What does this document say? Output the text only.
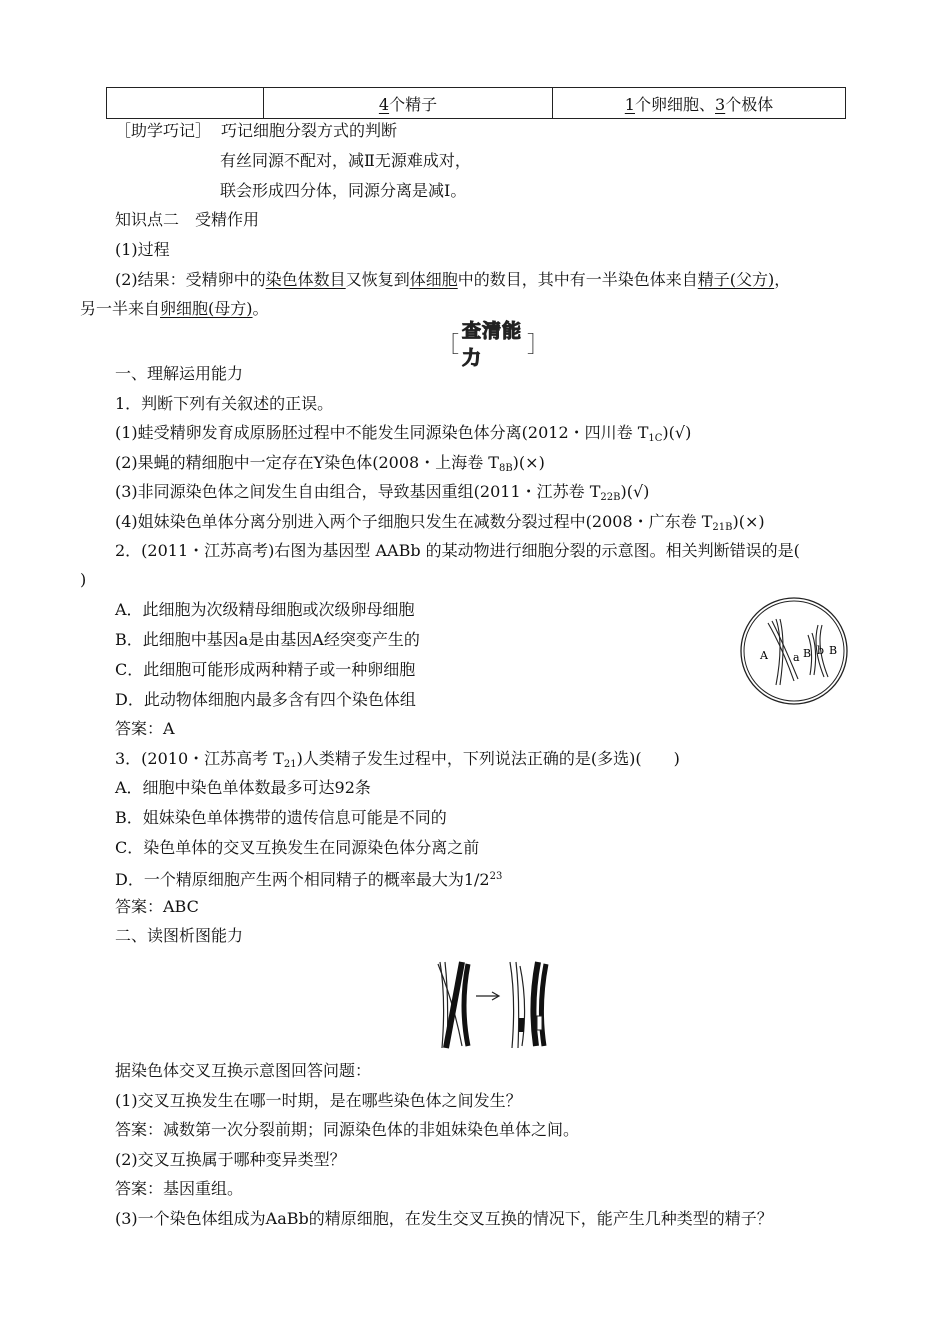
	4个精子	1个卵细胞、3个极体
［助学巧记］ 巧记细胞分裂方式的判断
有丝同源不配对，减Ⅱ无源难成对，
联会形成四分体，同源分离是减Ⅰ。
知识点二　受精作用
(1)过程
(2)结果：受精卵中的染色体数目又恢复到体细胞中的数目，其中有一半染色体来自精子(父方)，
另一半来自卵细胞(母方)。
［
查清能力
］
一、理解运用能力
1．判断下列有关叙述的正误。
(1)蛙受精卵发育成原肠胚过程中不能发生同源染色体分离(2012・四川卷 $T_{1C})(√)$
(2)果蝇的精细胞中一定存在Y染色体(2008・上海卷 $T_{8B})(\times)$
(3)非同源染色体之间发生自由组合，导致基因重组(2011・江苏卷 $T_{22B})(√)$
(4)姐妹染色单体分离分别进入两个子细胞只发生在减数分裂过程中(2008・广东卷 $T_{21B})(\times)$
2．(2011・江苏高考)右图为基因型 AABb 的某动物进行细胞分裂的示意图。相关判断错误的是(
)
A．此细胞为次级精母细胞或次级卵母细胞
B．此细胞中基因a是由基因A经突变产生的
C．此细胞可能形成两种精子或一种卵细胞
D．此动物体细胞内最多含有四个染色体组
答案：A
A a B b B
3．(2010・江苏高考 $T_{21}$)人类精子发生过程中，下列说法正确的是(多选)(　　)
A．细胞中染色单体数最多可达92条
B．姐妹染色单体携带的遗传信息可能是不同的
C．染色单体的交叉互换发生在同源染色体分离之前
D．一个精原细胞产生两个相同精子的概率最大为$1/2^{23}$
答案：ABC
二、读图析图能力
据染色体交叉互换示意图回答问题：
(1)交叉互换发生在哪一时期，是在哪些染色体之间发生？
答案：减数第一次分裂前期；同源染色体的非姐妹染色单体之间。
(2)交叉互换属于哪种变异类型？
答案：基因重组。
(3)一个染色体组成为AaBb的精原细胞，在发生交叉互换的情况下，能产生几种类型的精子？
